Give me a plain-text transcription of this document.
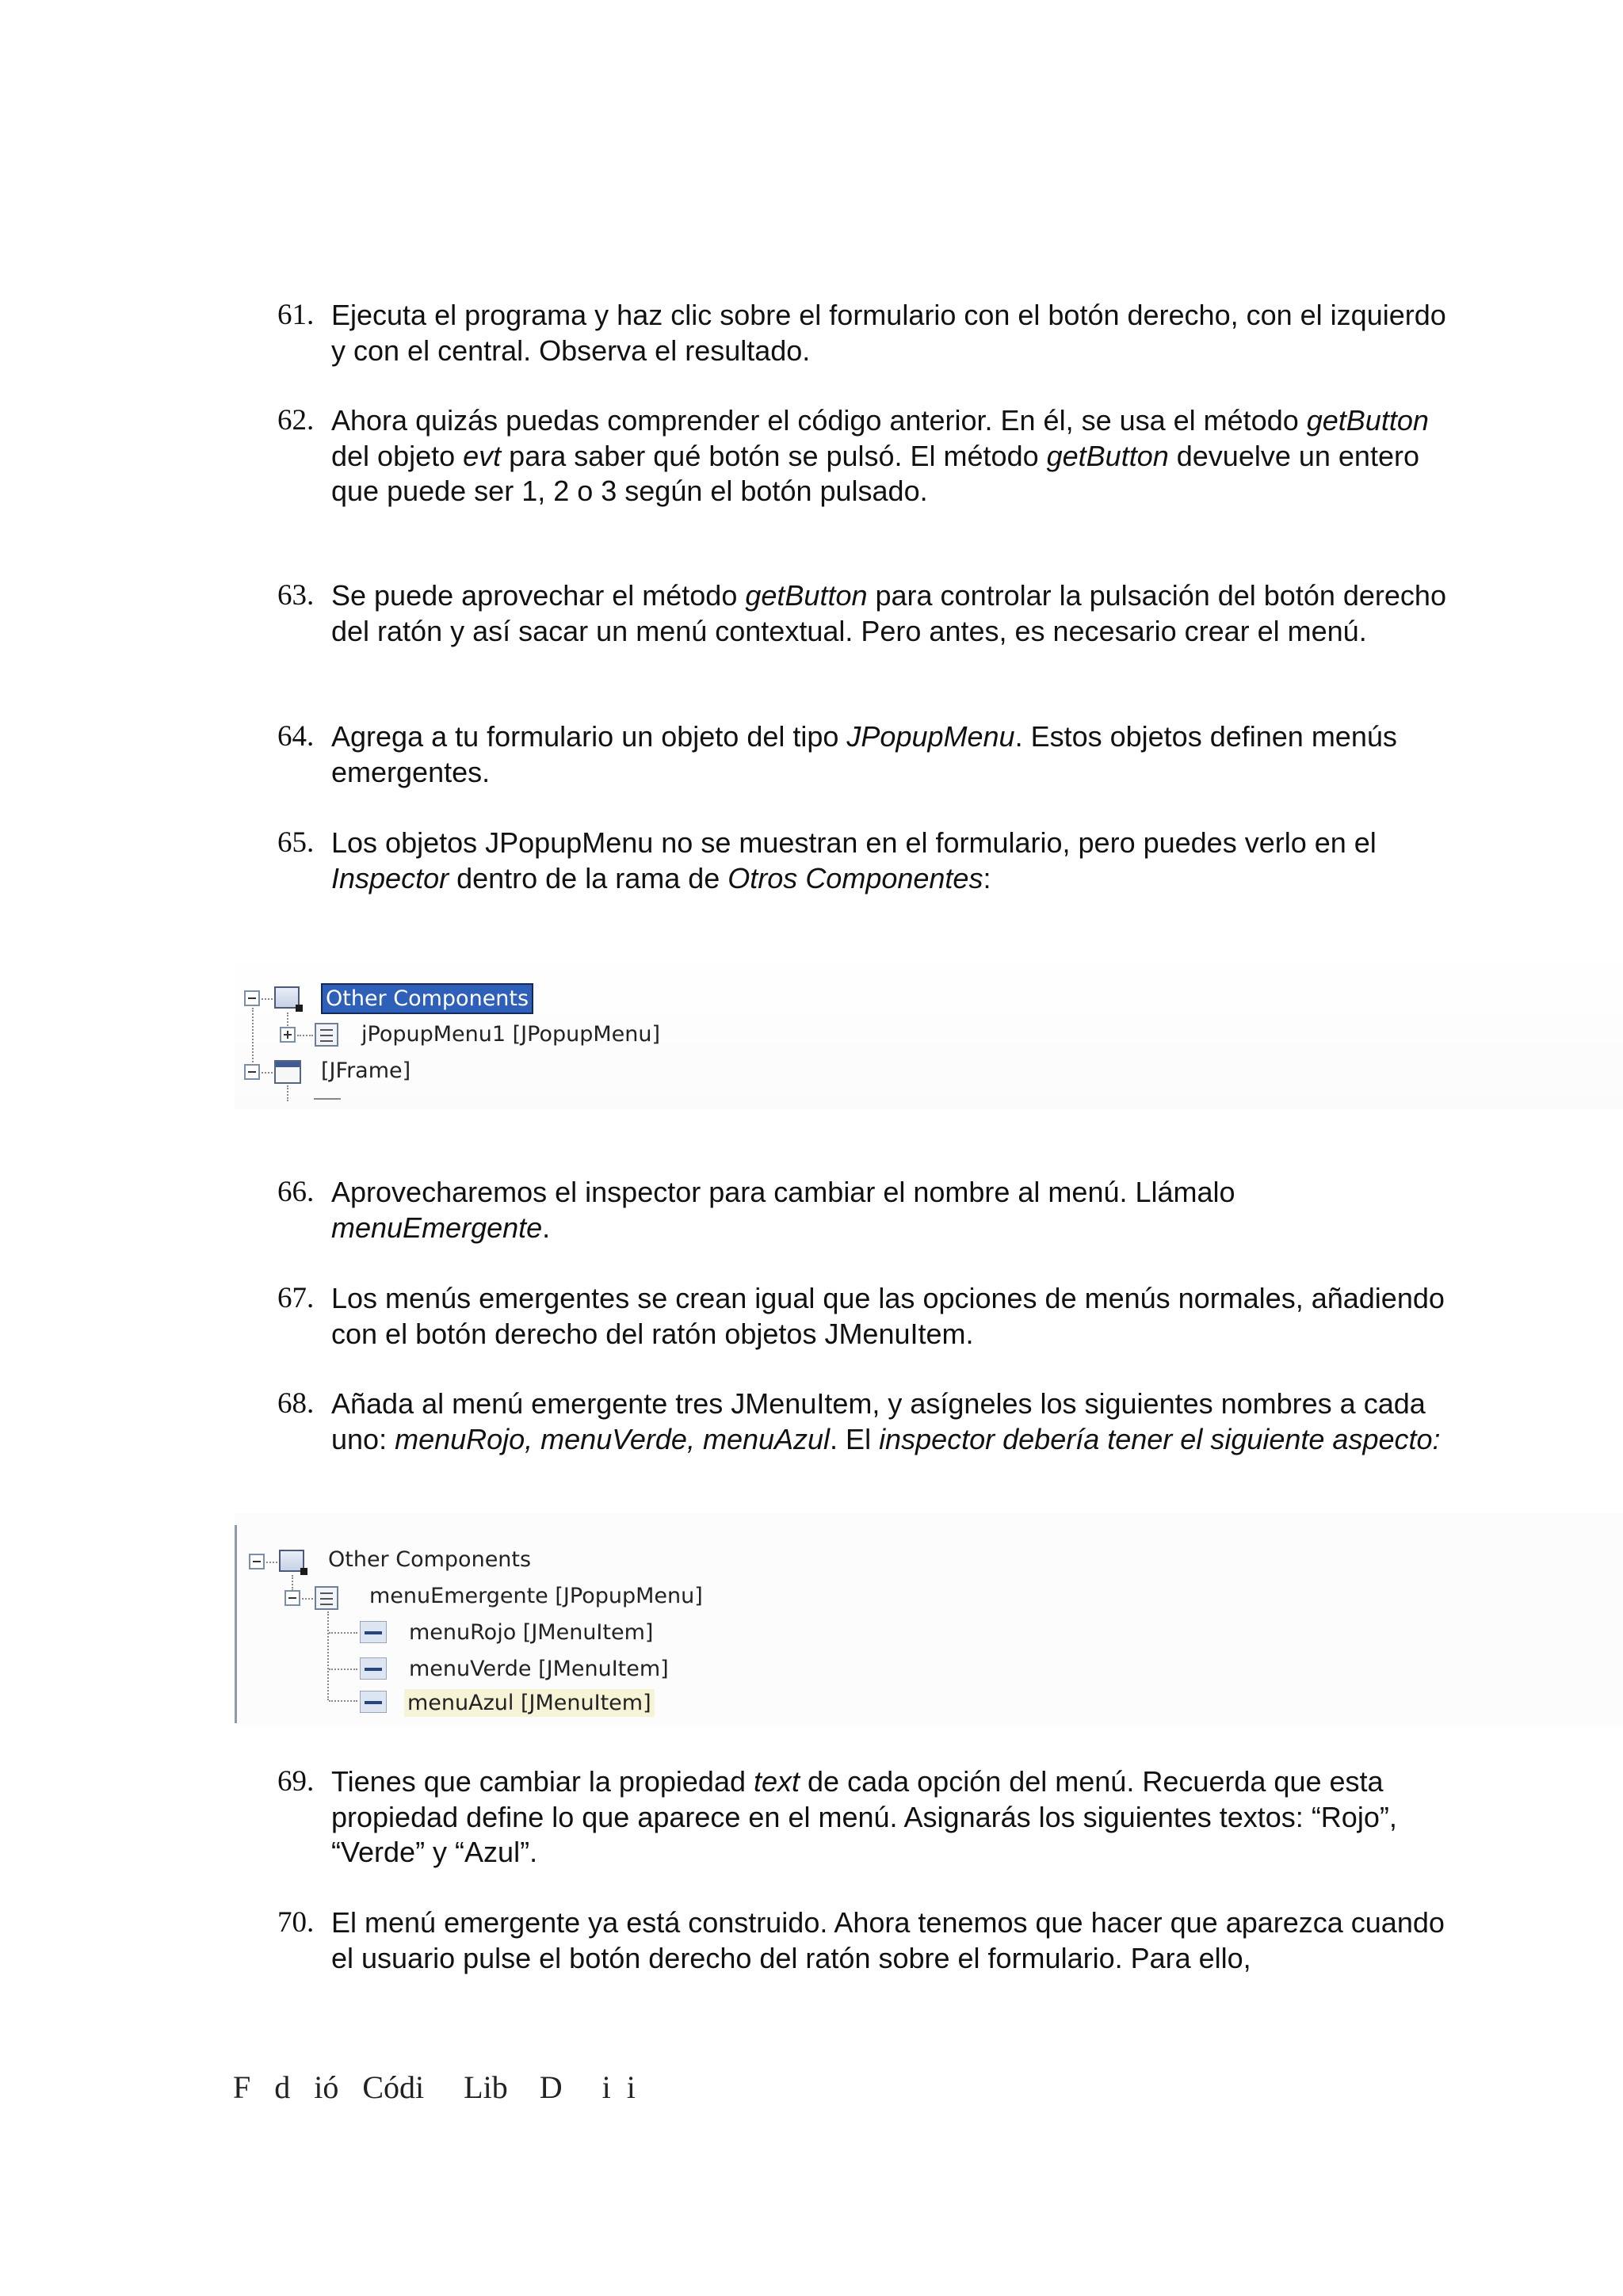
61. Ejecuta el programa y haz clic sobre el formulario con el botón derecho, con el izquierdo y con el central. Observa el resultado.
62. Ahora quizás puedas comprender el código anterior. En él, se usa el método getButton del objeto evt para saber qué botón se pulsó. El método getButton devuelve un entero que puede ser 1, 2 o 3 según el botón pulsado.
63. Se puede aprovechar el método getButton para controlar la pulsación del botón derecho del ratón y así sacar un menú contextual. Pero antes, es necesario crear el menú.
64. Agrega a tu formulario un objeto del tipo JPopupMenu. Estos objetos definen menús emergentes.
65. Los objetos JPopupMenu no se muestran en el formulario, pero puedes verlo en el Inspector dentro de la rama de Otros Componentes:
Other Components
jPopupMenu1 [JPopupMenu]
[JFrame]
66. Aprovecharemos el inspector para cambiar el nombre al menú. Llámalo menuEmergente.
67. Los menús emergentes se crean igual que las opciones de menús normales, añadiendo con el botón derecho del ratón objetos JMenuItem.
68. Añada al menú emergente tres JMenuItem, y asígneles los siguientes nombres a cada uno: menuRojo, menuVerde, menuAzul. El inspector debería tener el siguiente aspecto:
Other Components
menuEmergente [JPopupMenu]
menuRojo [JMenuItem]
menuVerde [JMenuItem]
menuAzul [JMenuItem]
69. Tienes que cambiar la propiedad text de cada opción del menú. Recuerda que esta propiedad define lo que aparece en el menú. Asignarás los siguientes textos: “Rojo”, “Verde” y “Azul”.
70. El menú emergente ya está construido. Ahora tenemos que hacer que aparezca cuando el usuario pulse el botón derecho del ratón sobre el formulario. Para ello,
F   d   ió   Códi     Lib    D     i  i
